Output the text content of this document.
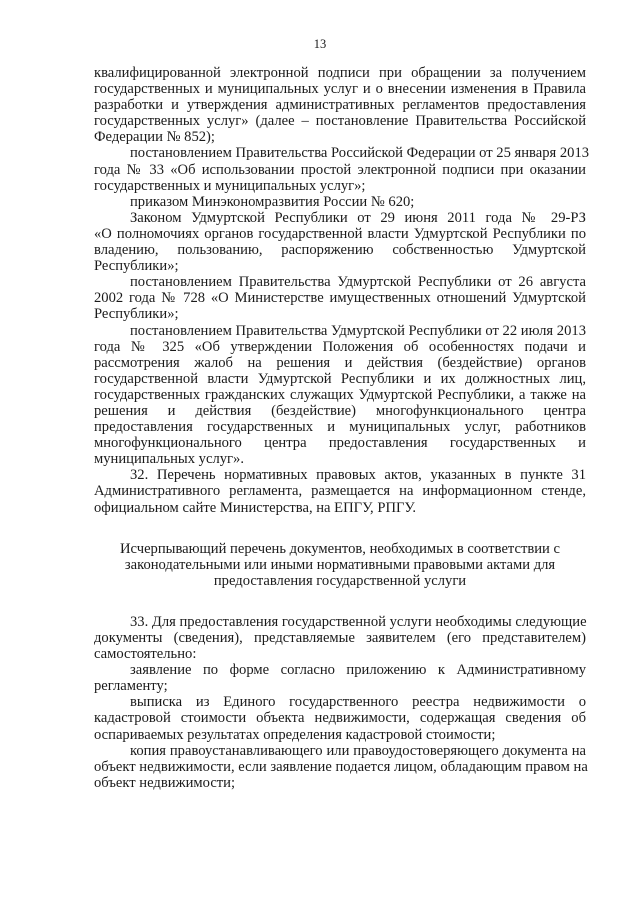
13
квалифицированной электронной подписи при обращении за получением
государственных и муниципальных услуг и о внесении изменения в Правила
разработки и утверждения административных регламентов предоставления
государственных услуг» (далее – постановление Правительства Российской
Федерации № 852);
постановлением Правительства Российской Федерации от 25 января 2013
года № 33 «Об использовании простой электронной подписи при оказании
государственных и муниципальных услуг»;
приказом Минэкономразвития России № 620;
Законом Удмуртской Республики от 29 июня 2011 года № 29-РЗ
«О полномочиях органов государственной власти Удмуртской Республики по
владению, пользованию, распоряжению собственностью Удмуртской
Республики»;
постановлением Правительства Удмуртской Республики от 26 августа
2002 года № 728 «О Министерстве имущественных отношений Удмуртской
Республики»;
постановлением Правительства Удмуртской Республики от 22 июля 2013
года № 325 «Об утверждении Положения об особенностях подачи и
рассмотрения жалоб на решения и действия (бездействие) органов
государственной власти Удмуртской Республики и их должностных лиц,
государственных гражданских служащих Удмуртской Республики, а также на
решения и действия (бездействие) многофункционального центра
предоставления государственных и муниципальных услуг, работников
многофункционального центра предоставления государственных и
муниципальных услуг».
32. Перечень нормативных правовых актов, указанных в пункте 31
Административного регламента, размещается на информационном стенде,
официальном сайте Министерства, на ЕПГУ, РПГУ.
Исчерпывающий перечень документов, необходимых в соответствии с
законодательными или иными нормативными правовыми актами для
предоставления государственной услуги
33. Для предоставления государственной услуги необходимы следующие
документы (сведения), представляемые заявителем (его представителем)
самостоятельно:
заявление по форме согласно приложению к Административному
регламенту;
выписка из Единого государственного реестра недвижимости о
кадастровой стоимости объекта недвижимости, содержащая сведения об
оспариваемых результатах определения кадастровой стоимости;
копия правоустанавливающего или правоудостоверяющего документа на
объект недвижимости, если заявление подается лицом, обладающим правом на
объект недвижимости;
